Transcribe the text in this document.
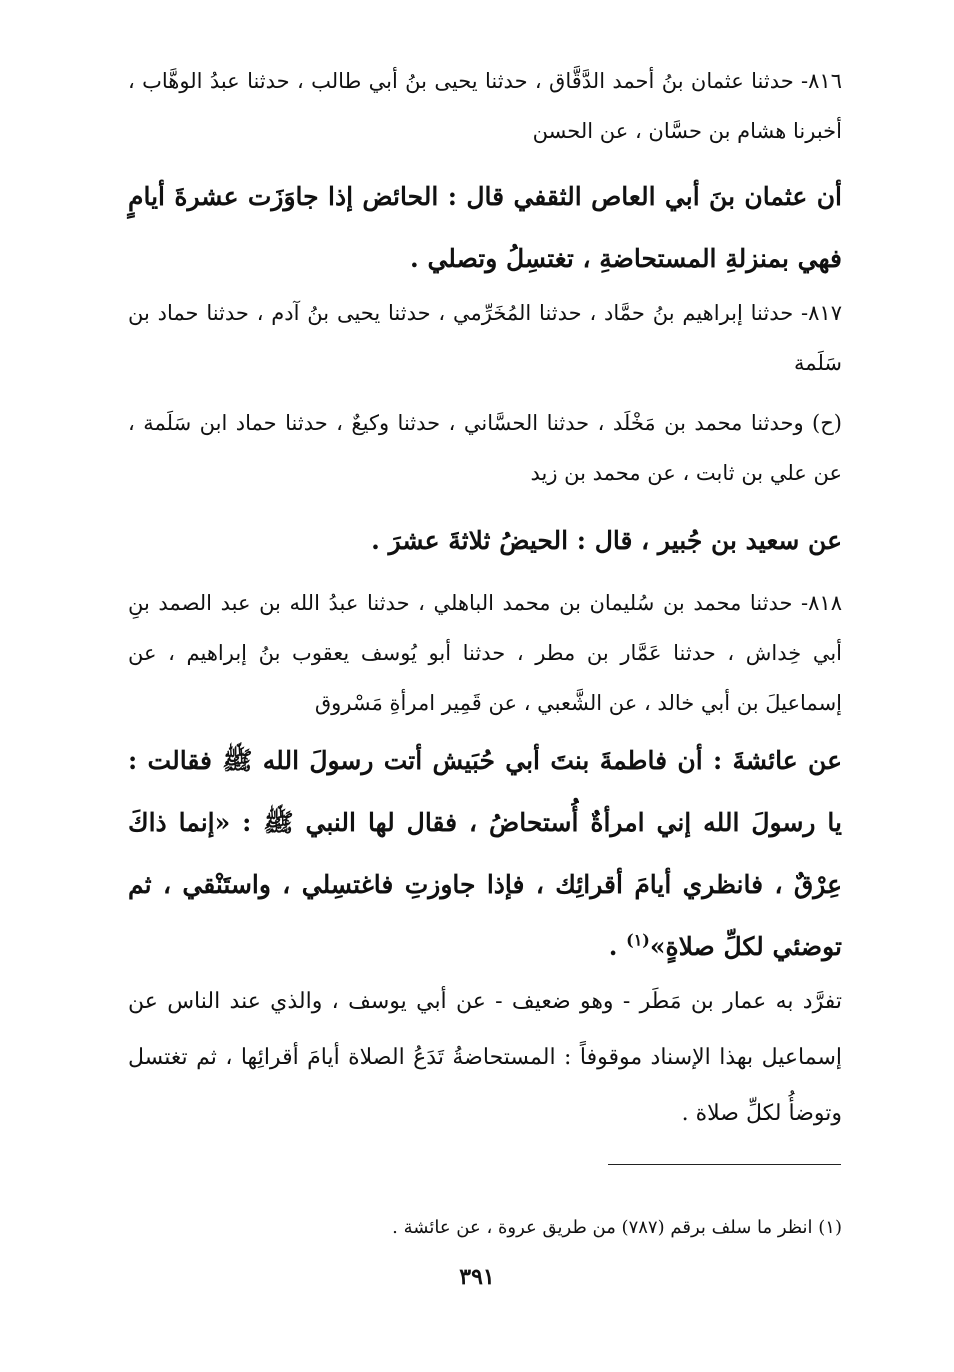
٨١٦- حدثنا عثمان بنُ أحمد الدَّقَّاق ، حدثنا يحيى بنُ أبي طالب ، حدثنا عبدُ الوهَّاب ، أخبرنا هشام بن حسَّان ، عن الحسن

أن عثمان بنَ أبي العاص الثقفي قال : الحائض إذا جاوَزَت عشرةَ أيامٍ فهي بمنزلةِ المستحاضةِ ، تغتسِلُ وتصلي .

٨١٧- حدثنا إبراهيم بنُ حمَّاد ، حدثنا المُخَرِّمي ، حدثنا يحيى بنُ آدم ، حدثنا حماد بن سَلَمة

(ح) وحدثنا محمد بن مَخْلَد ، حدثنا الحسَّاني ، حدثنا وكيعٌ ، حدثنا حماد ابن سَلَمة ، عن علي بن ثابت ، عن محمد بن زيد

عن سعيد بن جُبير ، قال : الحيضُ ثلاثةَ عشرَ .

٨١٨- حدثنا محمد بن سُليمان بن محمد الباهلي ، حدثنا عبدُ الله بن عبد الصمد بنِ أبي خِداش ، حدثنا عَمَّار بن مطر ، حدثنا أبو يُوسف يعقوب بنُ إبراهيم ، عن إسماعيلَ بن أبي خالد ، عن الشَّعبي ، عن قَمِير امرأةِ مَسْروق

عن عائشةَ : أن فاطمةَ بنتَ أبي حُبَيش أتت رسولَ الله ﷺ فقالت : يا رسولَ الله إني امرأةٌ أُستحاضُ ، فقال لها النبي ﷺ : «إنما ذاكَ عِرْقٌ ، فانظري أيامَ أقرائِك ، فإذا جاوزتِ فاغتسِلي ، واستَنْقي ، ثم توضئي لكلِّ صلاةٍ»$^{(١)}$ .

تفرَّد به عمار بن مَطَر - وهو ضعيف - عن أبي يوسف ، والذي عند الناس عن إسماعيل بهذا الإسناد موقوفاً : المستحاضةُ تَدَعُ الصلاة أيامَ أقرائِها ، ثم تغتسل وتوضأُ لكلِّ صلاة .

(١) انظر ما سلف برقم (٧٨٧) من طريق عروة ، عن عائشة .

٣٩١
